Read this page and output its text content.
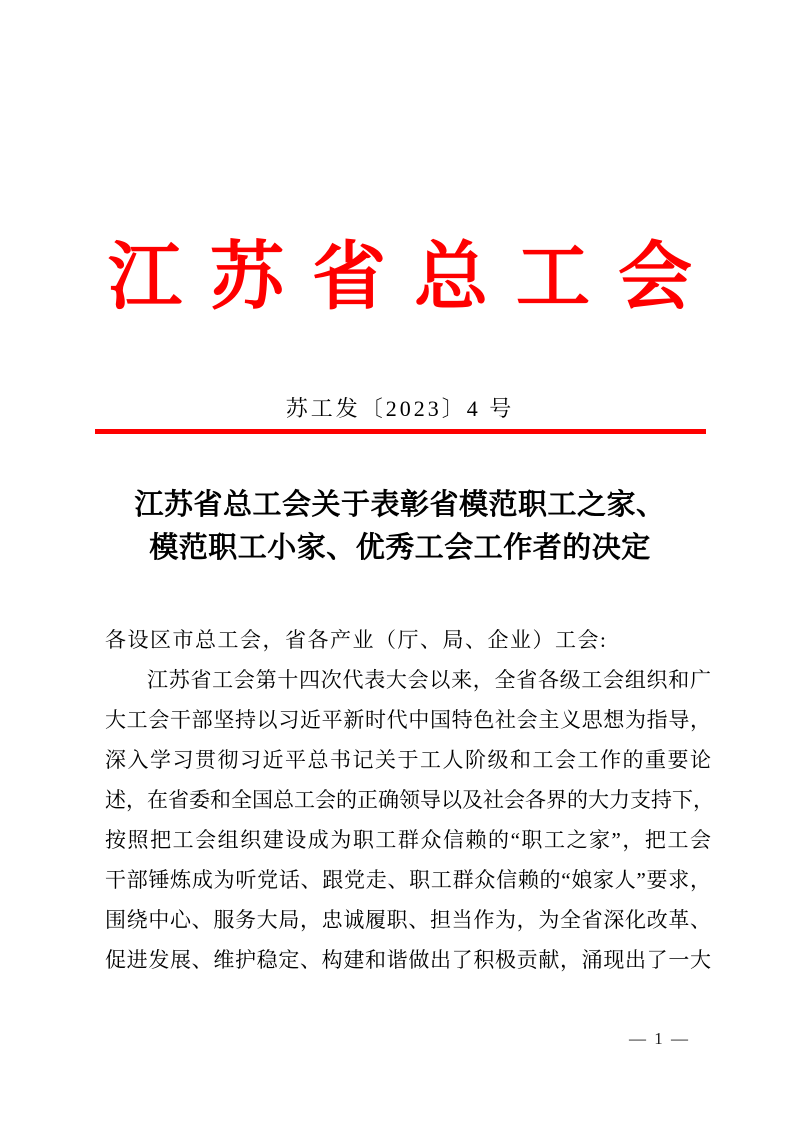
江苏省总工会
苏工发〔2023〕4 号
江苏省总工会关于表彰省模范职工之家、
模范职工小家、优秀工会工作者的决定
各设区市总工会，省各产业（厅、局、企业）工会:
江苏省工会第十四次代表大会以来，全省各级工会组织和广
大工会干部坚持以习近平新时代中国特色社会主义思想为指导，
深入学习贯彻习近平总书记关于工人阶级和工会工作的重要论
述，在省委和全国总工会的正确领导以及社会各界的大力支持下，
按照把工会组织建设成为职工群众信赖的“职工之家”，把工会
干部锤炼成为听党话、跟党走、职工群众信赖的“娘家人”要求，
围绕中心、服务大局，忠诚履职、担当作为，为全省深化改革、
促进发展、维护稳定、构建和谐做出了积极贡献，涌现出了一大
— 1 —
